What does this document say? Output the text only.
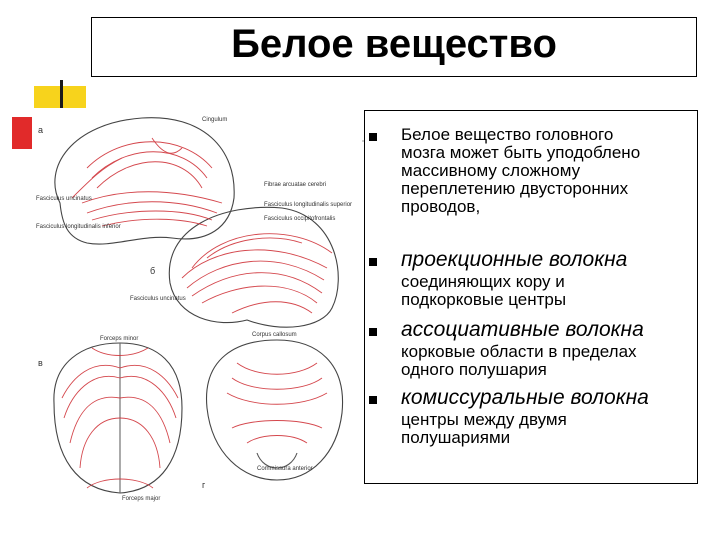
Белое вещество
б
а
в
г
Cingulum
Fibrae arcuatae cerebri
Fasciculus longitudinalis superior
Fasciculus longitudinalis inferior
Fasciculus uncinatus
Fasciculus occipitofrontalis
Fasciculus uncinatus
Forceps minor
Forceps major
Corpus callosum
Commissura anterior
Белое вещество головного
мозга может быть уподоблено
массивному сложному
переплетению двусторонних
проводов,
проекционные волокна
соединяющих кору и
подкорковые центры
ассоциативные волокна
корковые области в пределах
одного полушария
комиссуральные волокна
центры между двумя
полушариями
